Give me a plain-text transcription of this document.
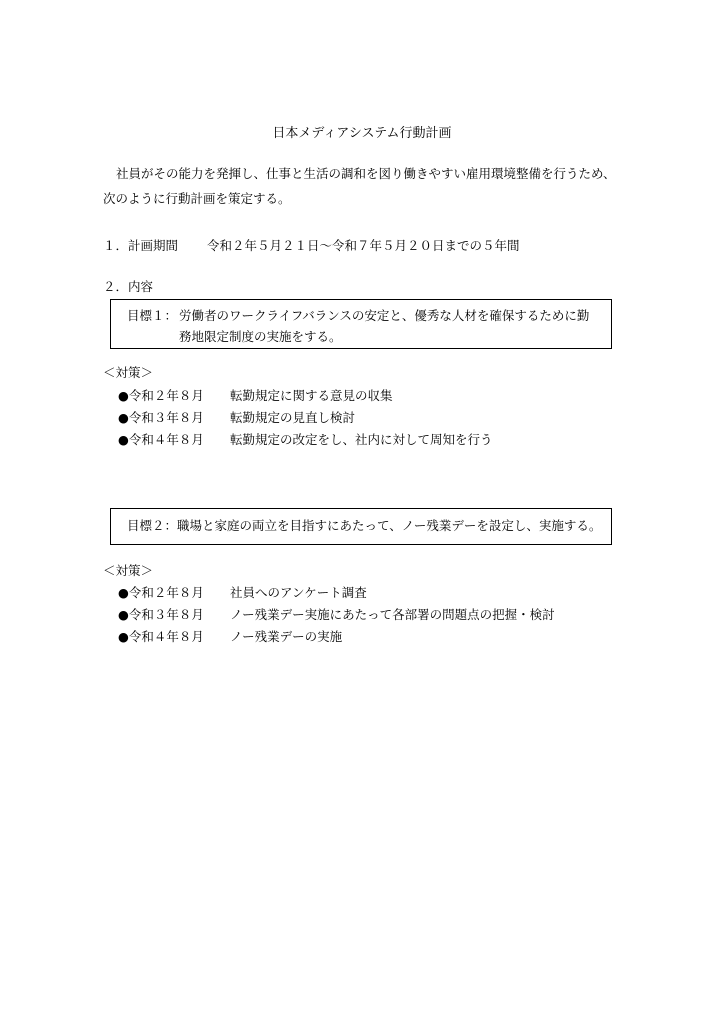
日本メディアシステム行動計画
社員がその能力を発揮し、仕事と生活の調和を図り働きやすい雇用環境整備を行うため、
次のように行動計画を策定する。
１．計画期間 令和２年５月２１日～令和７年５月２０日までの５年間
２．内容
目標１： 労働者のワークライフバランスの安定と、優秀な人材を確保するために勤
務地限定制度の実施をする。
＜対策＞
●令和２年８月 転勤規定に関する意見の収集
●令和３年８月 転勤規定の見直し検討
●令和４年８月 転勤規定の改定をし、社内に対して周知を行う
目標２：職場と家庭の両立を目指すにあたって、ノー残業デーを設定し、実施する。
＜対策＞
●令和２年８月 社員へのアンケート調査
●令和３年８月 ノー残業デー実施にあたって各部署の問題点の把握・検討
●令和４年８月 ノー残業デーの実施
